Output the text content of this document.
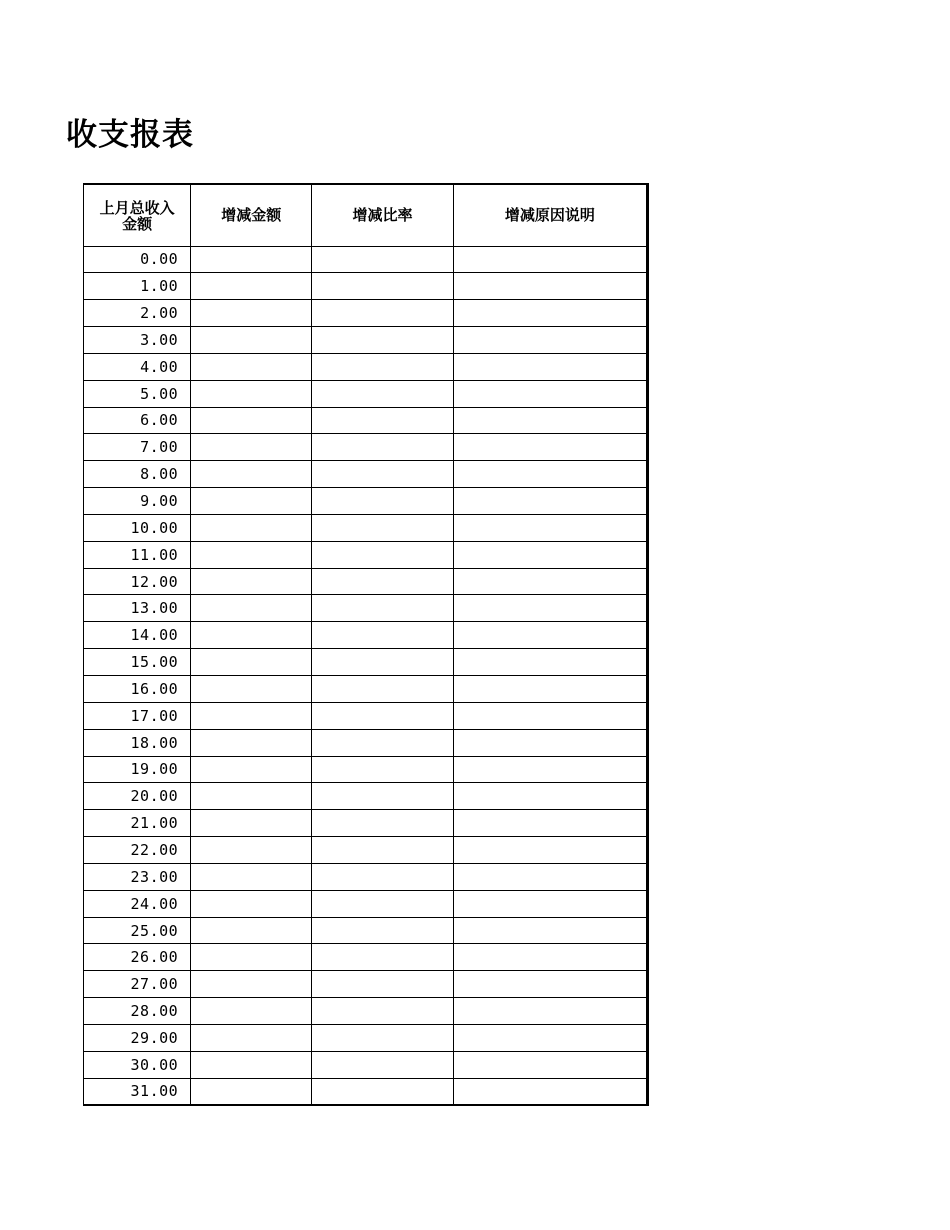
收支报表
上月总收入
金额	增减金额	增减比率	增减原因说明
0.00			
1.00			
2.00			
3.00			
4.00			
5.00			
6.00			
7.00			
8.00			
9.00			
10.00			
11.00			
12.00			
13.00			
14.00			
15.00			
16.00			
17.00			
18.00			
19.00			
20.00			
21.00			
22.00			
23.00			
24.00			
25.00			
26.00			
27.00			
28.00			
29.00			
30.00			
31.00			
